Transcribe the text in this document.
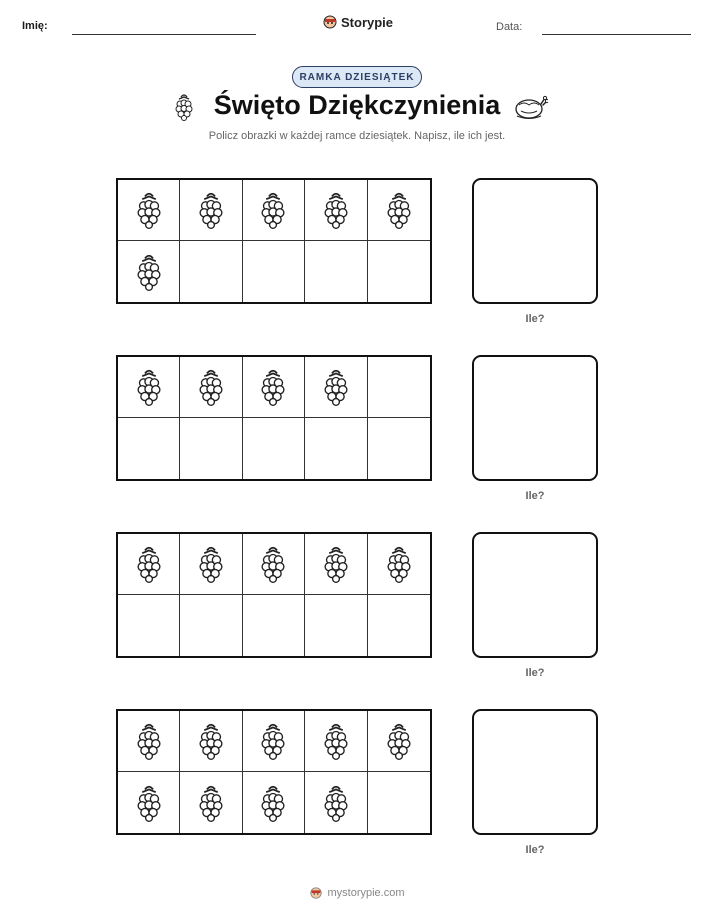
Imię:	Storypie	Data:
RAMKA DZIESIĄTEK
Święto Dziękczynienia
Policz obrazki w każdej ramce dziesiątek. Napisz, ile ich jest.
Ile?
Ile?
Ile?
Ile?
mystorypie.com
